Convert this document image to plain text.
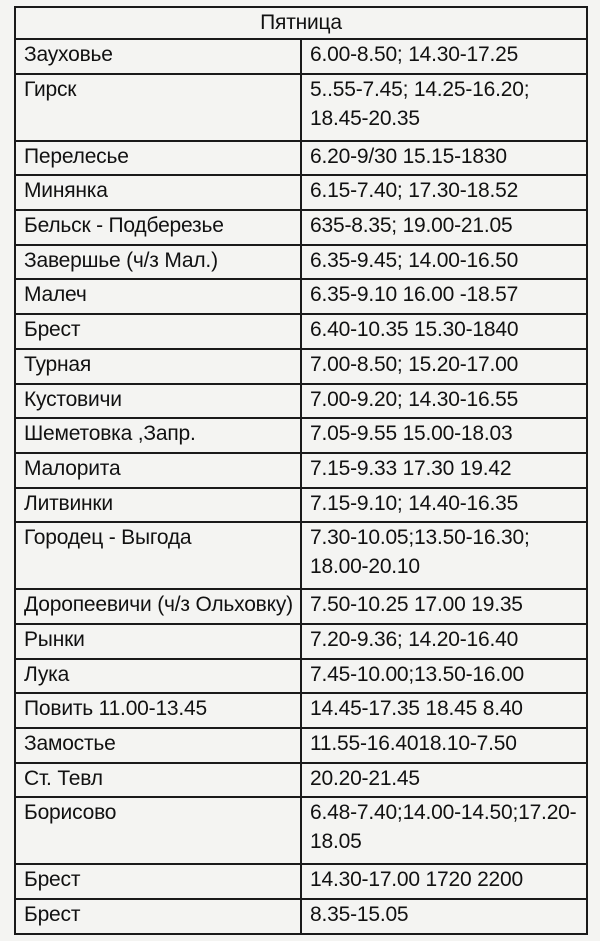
Пятница	
Зауховье	6.00-8.50; 14.30-17.25
Гирск	5..55-7.45; 14.25-16.20; 18.45-20.35
Перелесье	6.20-9/30 15.15-1830
Минянка	6.15-7.40; 17.30-18.52
Бельск - Подберезье	635-8.35; 19.00-21.05
Завершье (ч/з Мал.)	6.35-9.45; 14.00-16.50
Малеч	6.35-9.10 16.00 -18.57
Брест	6.40-10.35 15.30-1840
Турная	7.00-8.50; 15.20-17.00
Кустовичи	7.00-9.20; 14.30-16.55
Шеметовка ,Запр.	7.05-9.55 15.00-18.03
Малорита	7.15-9.33 17.30 19.42
Литвинки	7.15-9.10; 14.40-16.35
Городец - Выгода	7.30-10.05;13.50-16.30; 18.00-20.10
Доропеевичи (ч/з Ольховку)	7.50-10.25 17.00 19.35
Рынки	7.20-9.36; 14.20-16.40
Лука	7.45-10.00;13.50-16.00
Повить 11.00-13.45	14.45-17.35 18.45 8.40
Замостье	11.55-16.4018.10-7.50
Ст. Тевл	20.20-21.45
Борисово	6.48-7.40;14.00-14.50;17.20-18.05
Брест	14.30-17.00 1720 2200
Брест	8.35-15.05
